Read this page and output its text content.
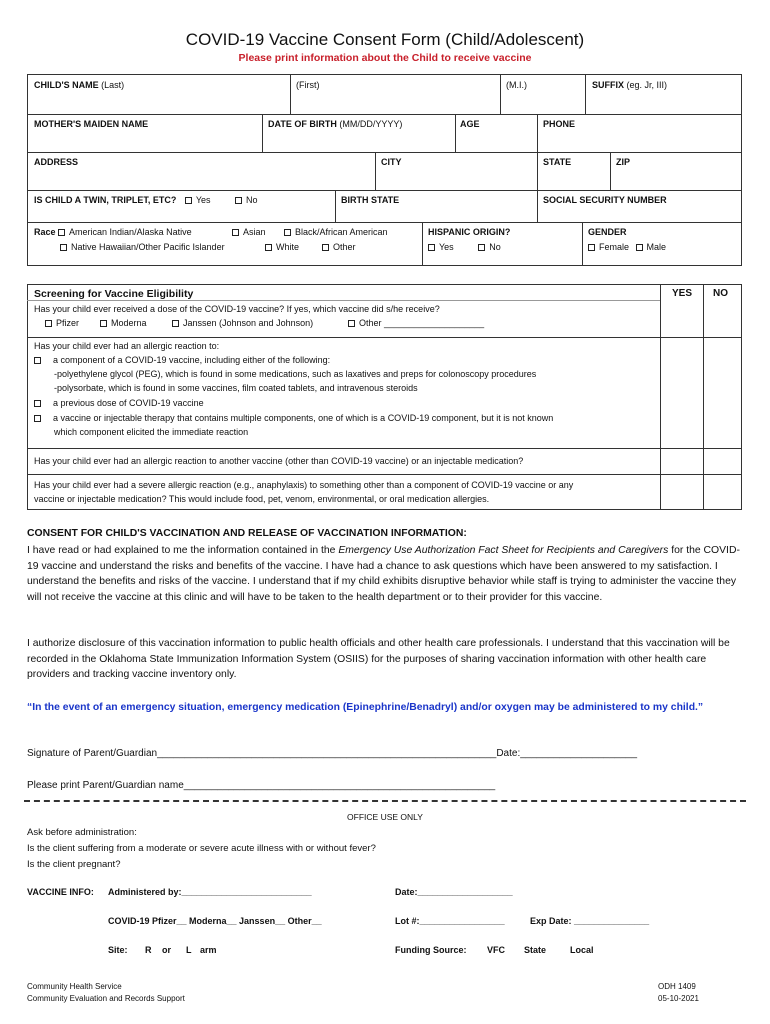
COVID-19 Vaccine Consent Form (Child/Adolescent)
Please print information about the Child to receive vaccine
CHILD'S NAME (Last)	(First)	(M.I.)	SUFFIX (eg. Jr, III)
MOTHER'S MAIDEN NAME	DATE OF BIRTH (MM/DD/YYYY)	AGE	PHONE
ADDRESS	CITY	STATE	ZIP
IS CHILD A TWIN, TRIPLET, ETC? Yes	No	BIRTH STATE	SOCIAL SECURITY NUMBER
Race American Indian/Alaska Native	Asian	Black/African American
Native Hawaiian/Other Pacific Islander	White	Other
HISPANIC ORIGIN?
Yes	No
GENDER
Female Male
Screening for Vaccine Eligibility	YES NO
Has your child ever received a dose of the COVID-19 vaccine? If yes, which vaccine did s/he receive?
Pfizer	Moderna	Janssen (Johnson and Johnson)	Other ____________________
Has your child ever had an allergic reaction to:
a component of a COVID-19 vaccine, including either of the following:
-polyethylene glycol (PEG), which is found in some medications, such as laxatives and preps for colonoscopy procedures
-polysorbate, which is found in some vaccines, film coated tablets, and intravenous steroids
a previous dose of COVID-19 vaccine
a vaccine or injectable therapy that contains multiple components, one of which is a COVID-19 component, but it is not known
which component elicited the immediate reaction
Has your child ever had an allergic reaction to another vaccine (other than COVID-19 vaccine) or an injectable medication?
Has your child ever had a severe allergic reaction (e.g., anaphylaxis) to something other than a component of COVID-19 vaccine or any
vaccine or injectable medication? This would include food, pet, venom, environmental, or oral medication allergies.
CONSENT FOR CHILD'S VACCINATION AND RELEASE OF VACCINATION INFORMATION:
I have read or had explained to me the information contained in the Emergency Use Authorization Fact Sheet for Recipients and Caregivers for the COVID-19 vaccine and understand the risks and benefits of the vaccine. I have had a chance to ask questions which have been answered to my satisfaction. I understand the benefits and risks of the vaccine. I understand that if my child exhibits disruptive behavior while staff is trying to administer the vaccine they will not receive the vaccine at this clinic and will have to be taken to the health department or to their provider for this vaccine.
I authorize disclosure of this vaccination information to public health officials and other health care professionals. I understand that this vaccination will be recorded in the Oklahoma State Immunization Information System (OSIIS) for the purposes of sharing vaccination information with other health care providers and tracking vaccine inventory only.
“In the event of an emergency situation, emergency medication (Epinephrine/Benadryl) and/or oxygen may be administered to my child.”
Signature of Parent/Guardian_____________________________________________________________Date:_____________________
Please print Parent/Guardian name________________________________________________________
OFFICE USE ONLY
Ask before administration:
Is the client suffering from a moderate or severe acute illness with or without fever?
Is the client pregnant?
VACCINE INFO: Administered by:__________________________	Date:___________________
COVID-19 Pfizer__ Moderna__ Janssen__ Other__	Lot #:_________________	Exp Date: _______________
Site: R or L arm	Funding Source: VFC State	Local
Community Health Service
Community Evaluation and Records Support
ODH 1409
05-10-2021
